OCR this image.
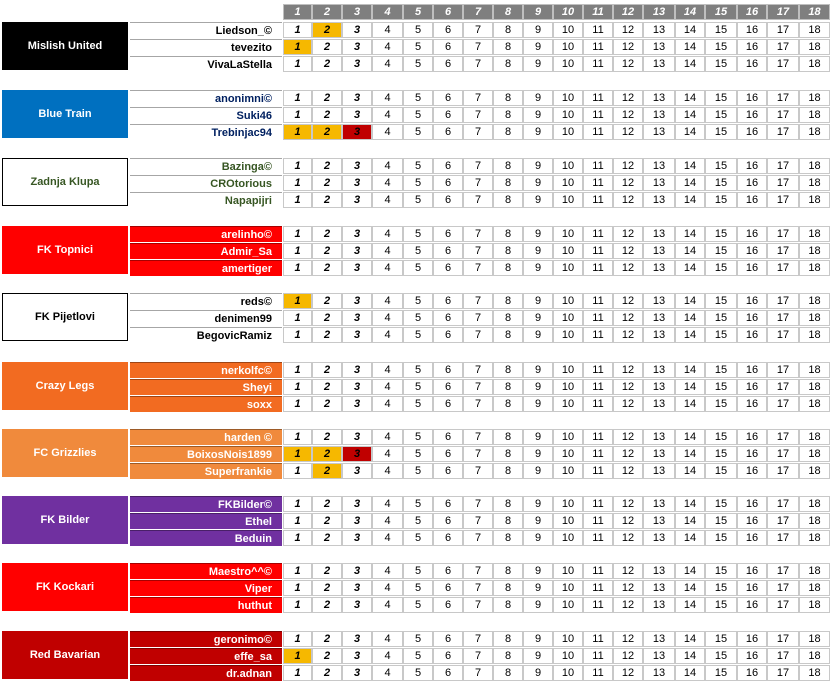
1	2	3	4	5	6	7	8	9	10	11	12	13	14	15	16	17	18
Mislish United
Liedson_©	1	2	3	4	5	6	7	8	9	10	11	12	13	14	15	16	17	18
tevezito	1	2	3	4	5	6	7	8	9	10	11	12	13	14	15	16	17	18
VivaLaStella	1	2	3	4	5	6	7	8	9	10	11	12	13	14	15	16	17	18
Blue Train
anonimni©	1	2	3	4	5	6	7	8	9	10	11	12	13	14	15	16	17	18
Suki46	1	2	3	4	5	6	7	8	9	10	11	12	13	14	15	16	17	18
Trebinjac94	1	2	3	4	5	6	7	8	9	10	11	12	13	14	15	16	17	18
Zadnja Klupa
Bazinga©	1	2	3	4	5	6	7	8	9	10	11	12	13	14	15	16	17	18
CROtorious	1	2	3	4	5	6	7	8	9	10	11	12	13	14	15	16	17	18
Napapijri	1	2	3	4	5	6	7	8	9	10	11	12	13	14	15	16	17	18
FK Topnici
arelinho©	1	2	3	4	5	6	7	8	9	10	11	12	13	14	15	16	17	18
Admir_Sa	1	2	3	4	5	6	7	8	9	10	11	12	13	14	15	16	17	18
amertiger	1	2	3	4	5	6	7	8	9	10	11	12	13	14	15	16	17	18
FK Pijetlovi
reds©	1	2	3	4	5	6	7	8	9	10	11	12	13	14	15	16	17	18
denimen99	1	2	3	4	5	6	7	8	9	10	11	12	13	14	15	16	17	18
BegovicRamiz	1	2	3	4	5	6	7	8	9	10	11	12	13	14	15	16	17	18
Crazy Legs
nerkolfc©	1	2	3	4	5	6	7	8	9	10	11	12	13	14	15	16	17	18
Sheyi	1	2	3	4	5	6	7	8	9	10	11	12	13	14	15	16	17	18
soxx	1	2	3	4	5	6	7	8	9	10	11	12	13	14	15	16	17	18
FC Grizzlies
harden ©	1	2	3	4	5	6	7	8	9	10	11	12	13	14	15	16	17	18
BoixosNois1899	1	2	3	4	5	6	7	8	9	10	11	12	13	14	15	16	17	18
Superfrankie	1	2	3	4	5	6	7	8	9	10	11	12	13	14	15	16	17	18
FK Bilder
FKBilder©	1	2	3	4	5	6	7	8	9	10	11	12	13	14	15	16	17	18
Ethel	1	2	3	4	5	6	7	8	9	10	11	12	13	14	15	16	17	18
Beduin	1	2	3	4	5	6	7	8	9	10	11	12	13	14	15	16	17	18
FK Kockari
Maestro^^©	1	2	3	4	5	6	7	8	9	10	11	12	13	14	15	16	17	18
Viper	1	2	3	4	5	6	7	8	9	10	11	12	13	14	15	16	17	18
huthut	1	2	3	4	5	6	7	8	9	10	11	12	13	14	15	16	17	18
Red Bavarian
geronimo©	1	2	3	4	5	6	7	8	9	10	11	12	13	14	15	16	17	18
effe_sa	1	2	3	4	5	6	7	8	9	10	11	12	13	14	15	16	17	18
dr.adnan	1	2	3	4	5	6	7	8	9	10	11	12	13	14	15	16	17	18
